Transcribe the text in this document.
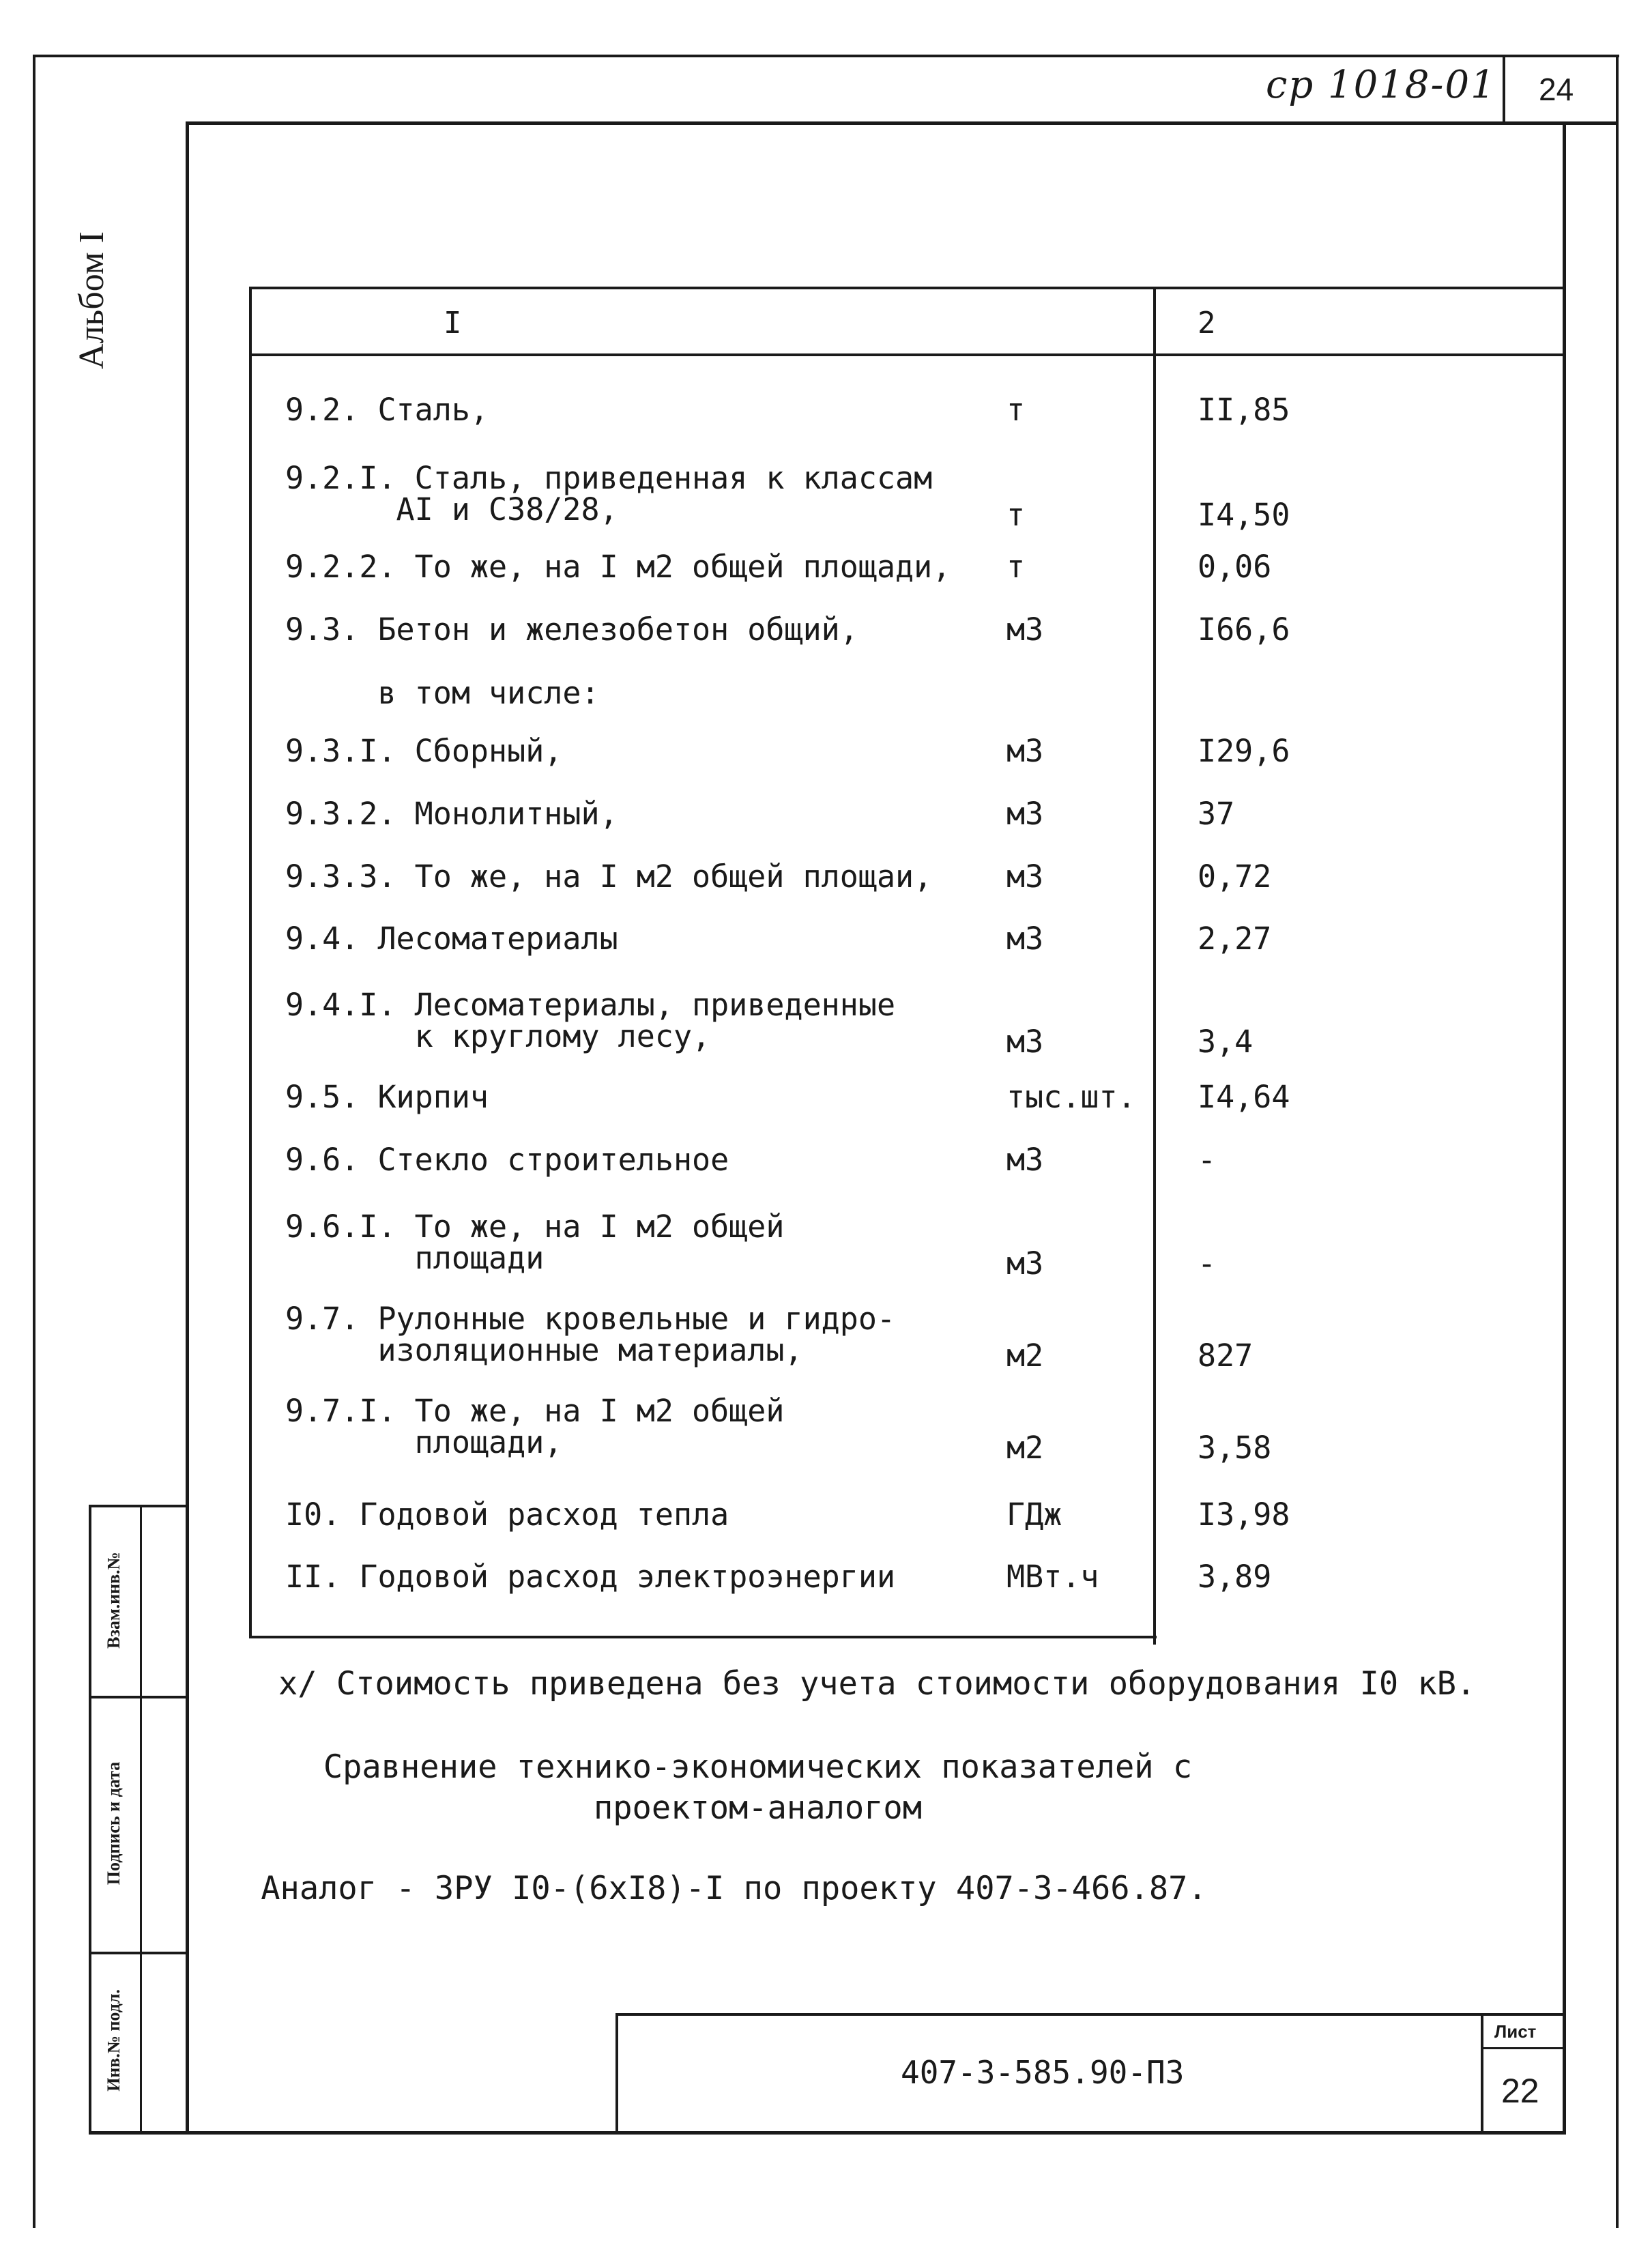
cp 1018-01 24
Альбом I
Взам.инв.№
Подпись и дата
Инв.№ подл.
I	2
9.2. Сталь,	т	II,85
9.2.I. Сталь, приведенная к классам
AI и С38/28,	т	I4,50
9.2.2. То же, на I м2 общей площади, т	0,06
9.3. Бетон и железобетон общий,	м3	I66,6
в том числе:
9.3.I. Сборный,	м3	I29,6
9.3.2. Монолитный,	м3	37
9.3.3. То же, на I м2 общей площаи, м3	0,72
9.4. Лесоматериалы	м3	2,27
9.4.I. Лесоматериалы, приведенные
к круглому лесу,	м3	3,4
9.5. Кирпич	тыс.шт. I4,64
9.6. Стекло строительное	м3	-
9.6.I. То же, на I м2 общей
площади	м3	-
9.7. Рулонные кровельные и гидро-
изоляционные материалы,	м2	827
9.7.I. То же, на I м2 общей
площади,	м2	3,58
I0. Годовой расход тепла	ГДж	I3,98
II. Годовой расход электроэнергии	МВт.ч	3,89
x/ Стоимость приведена без учета стоимости оборудования I0 кВ.
Сравнение технико-экономических показателей с
проектом-аналогом
Аналог - ЗРУ I0-(6xI8)-I по проекту 407-3-466.87.
407-3-585.90-ПЗ
Лист
22
